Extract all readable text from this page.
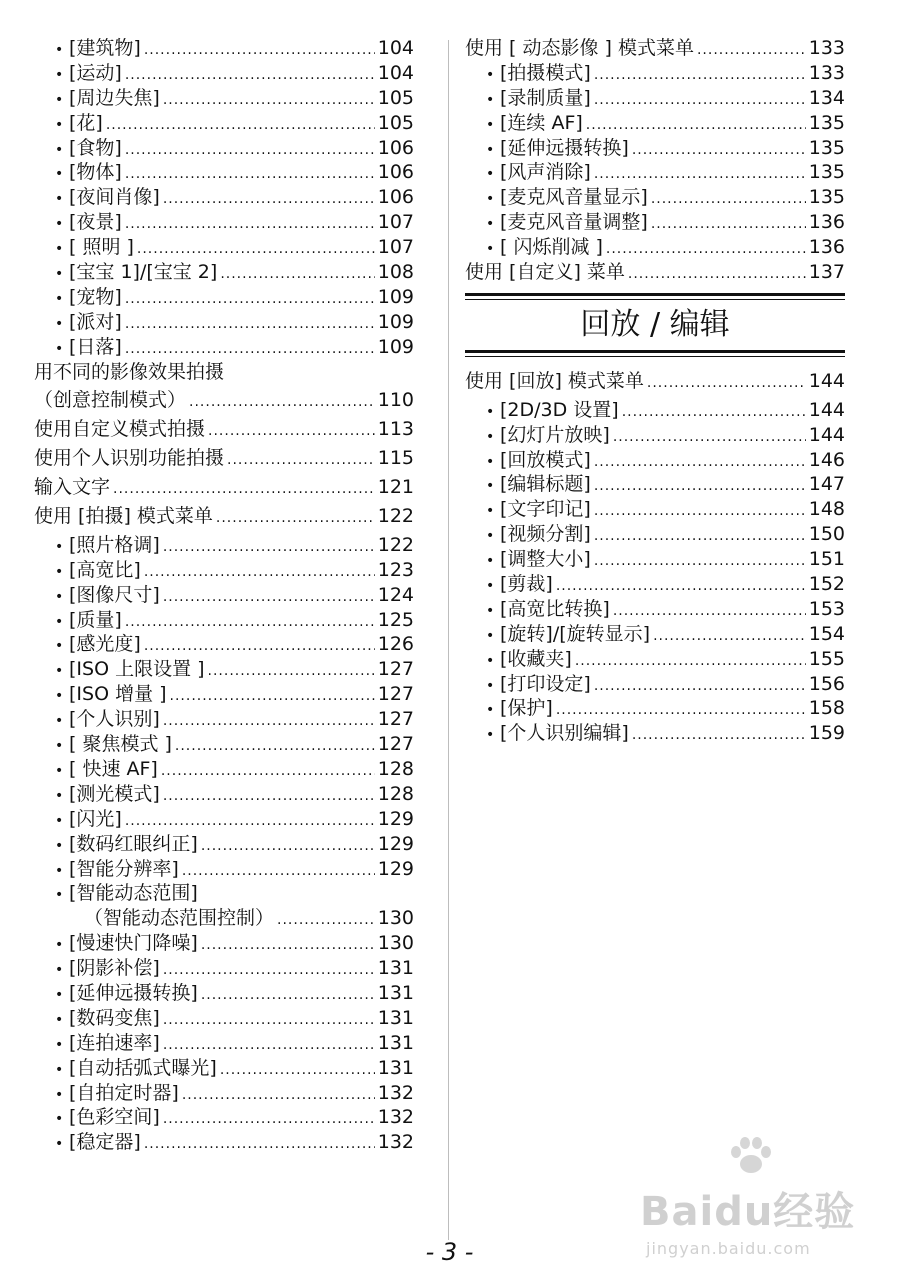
• [建筑物] .....	104
• [运动] .....	104
• [周边失焦] .....	105
• [花] .....	105
• [食物] .....	106
• [物体] .....	106
• [夜间肖像] .....	106
• [夜景] .....	107
• [ 照明 ] .....	107
• [宝宝 1]/[宝宝 2] .....	108
• [宠物] .....	109
• [派对] .....	109
• [日落] .....	109
用不同的影像效果拍摄
（创意控制模式） .....	110
使用自定义模式拍摄 .....	113
使用个人识别功能拍摄 .....	115
输入文字 .....	121
使用 [拍摄] 模式菜单 .....	122
• [照片格调] .....	122
• [高宽比] .....	123
• [图像尺寸] .....	124
• [质量] .....	125
• [感光度] .....	126
• [ISO 上限设置 ] .....	127
• [ISO 增量 ] .....	127
• [个人识别] .....	127
• [ 聚焦模式 ] .....	127
• [ 快速 AF] .....	128
• [测光模式] .....	128
• [闪光] .....	129
• [数码红眼纠正] .....	129
• [智能分辨率] .....	129
• [智能动态范围]
（智能动态范围控制） .....	130
• [慢速快门降噪] .....	130
• [阴影补偿] .....	131
• [延伸远摄转换] .....	131
• [数码变焦] .....	131
• [连拍速率] .....	131
• [自动括弧式曝光] .....	131
• [自拍定时器] .....	132
• [色彩空间] .....	132
• [稳定器] .....	132
使用 [ 动态影像 ] 模式菜单 .....	133
• [拍摄模式] .....	133
• [录制质量] .....	134
• [连续 AF] .....	135
• [延伸远摄转换] .....	135
• [风声消除] .....	135
• [麦克风音量显示] .....	135
• [麦克风音量调整] .....	136
• [ 闪烁削减 ] .....	136
使用 [自定义] 菜单 .....	137
回放 / 编辑
使用 [回放] 模式菜单 .....	144
• [2D/3D 设置] .....	144
• [幻灯片放映] .....	144
• [回放模式] .....	146
• [编辑标题] .....	147
• [文字印记] .....	148
• [视频分割] .....	150
• [调整大小] .....	151
• [剪裁] .....	152
• [高宽比转换] .....	153
• [旋转]/[旋转显示] .....	154
• [收藏夹] .....	155
• [打印设定] .....	156
• [保护] .....	158
• [个人识别编辑] .....	159
- 3 -
Baidu经验
jingyan.baidu.com
